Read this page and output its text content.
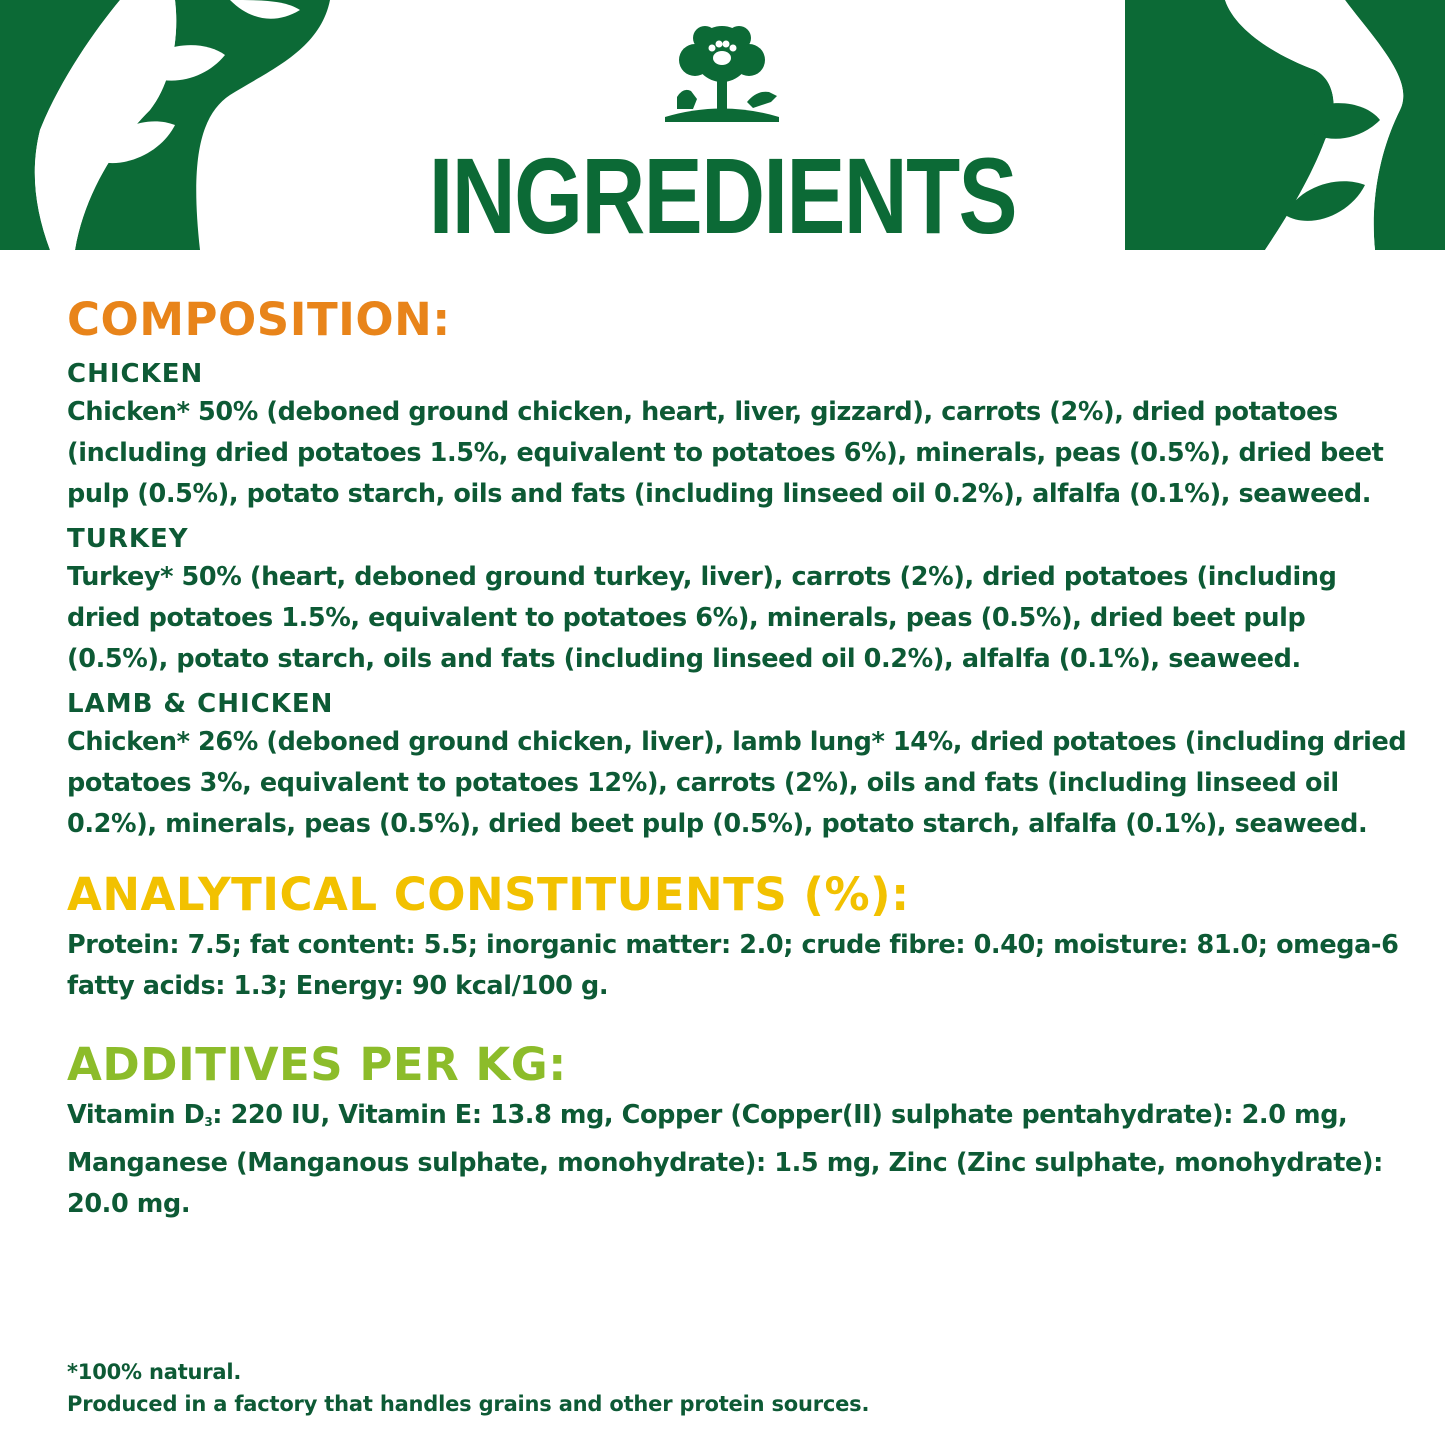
INGREDIENTS
COMPOSITION:
CHICKEN
Chicken* 50% (deboned ground chicken, heart, liver, gizzard), carrots (2%), dried potatoes (including dried potatoes 1.5%, equivalent to potatoes 6%), minerals, peas (0.5%), dried beet pulp (0.5%), potato starch, oils and fats (including linseed oil 0.2%), alfalfa (0.1%), seaweed.
TURKEY
Turkey* 50% (heart, deboned ground turkey, liver), carrots (2%), dried potatoes (including dried potatoes 1.5%, equivalent to potatoes 6%), minerals, peas (0.5%), dried beet pulp (0.5%), potato starch, oils and fats (including linseed oil 0.2%), alfalfa (0.1%), seaweed.
LAMB & CHICKEN
Chicken* 26% (deboned ground chicken, liver), lamb lung* 14%, dried potatoes (including dried potatoes 3%, equivalent to potatoes 12%), carrots (2%), oils and fats (including linseed oil 0.2%), minerals, peas (0.5%), dried beet pulp (0.5%), potato starch, alfalfa (0.1%), seaweed.
ANALYTICAL CONSTITUENTS (%):
Protein: 7.5; fat content: 5.5; inorganic matter: 2.0; crude fibre: 0.40; moisture: 81.0; omega-6 fatty acids: 1.3; Energy: 90 kcal/100 g.
ADDITIVES PER KG:
Vitamin $D_3$: 220 IU, Vitamin E: 13.8 mg, Copper (Copper(II) sulphate pentahydrate): 2.0 mg, Manganese (Manganous sulphate, monohydrate): 1.5 mg, Zinc (Zinc sulphate, monohydrate): 20.0 mg.
*100% natural.
Produced in a factory that handles grains and other protein sources.
